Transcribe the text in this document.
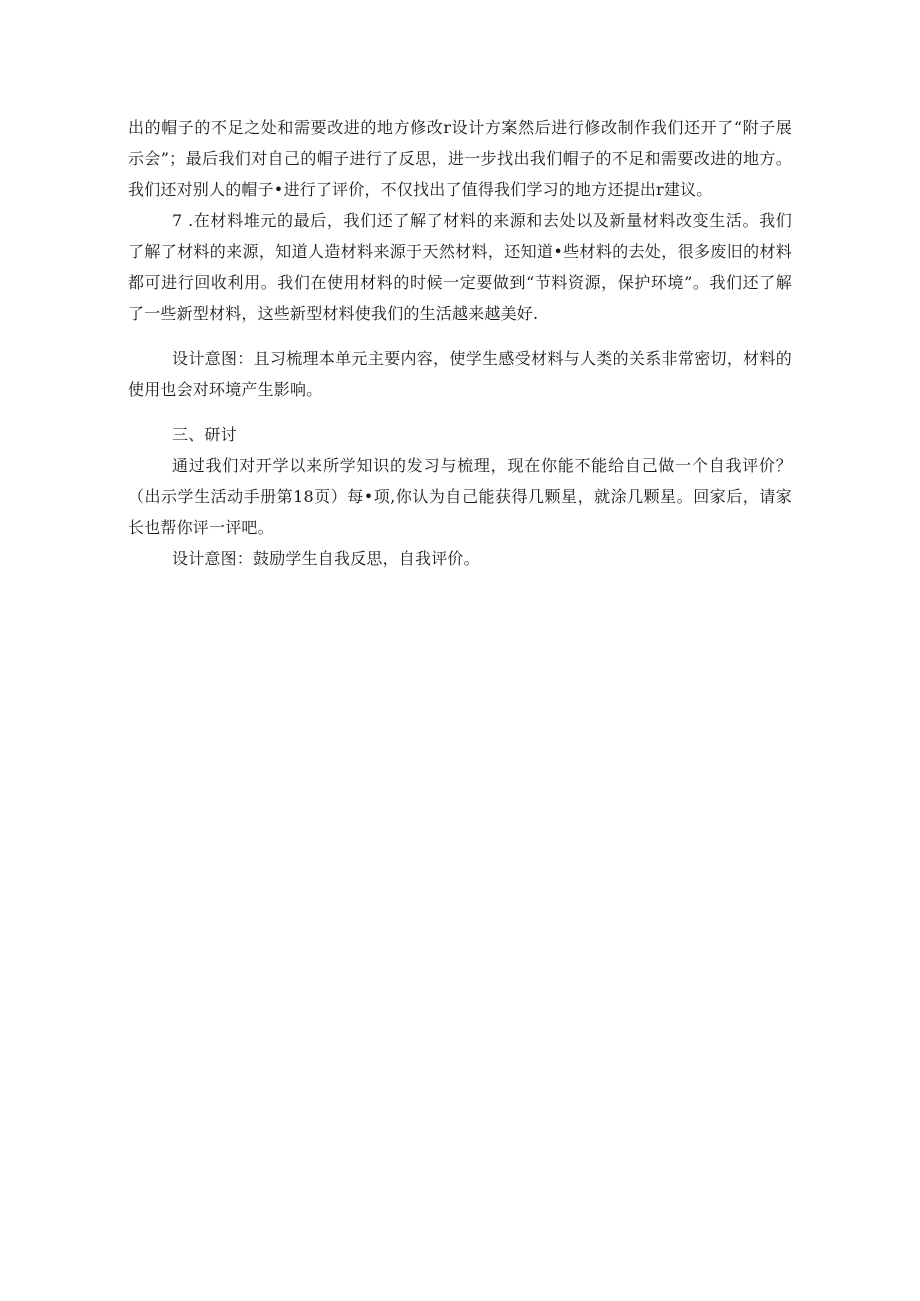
出的帽子的不足之处和需要改进的地方修改r设计方案然后进行修改制作我们还开了“附子展示会”；最后我们对自己的帽子进行了反思，进一步找出我们帽子的不足和需要改进的地方。我们还对别人的帽子•进行了评价，不仅找出了值得我们学习的地方还提出r建议。

7 .在材料堆元的最后，我们还了解了材料的来源和去处以及新量材料改变生活。我们了解了材料的来源，知道人造材料来源于天然材料，还知道•些材料的去处，很多废旧的材料都可进行回收利用。我们在使用材料的时候一定要做到“节料资源，保护环境”。我们还了解了一些新型材料，这些新型材料使我们的生活越来越美好.

设计意图：且习梳理本单元主要内容，使学生感受材料与人类的关系非常密切，材料的使用也会对环境产生影响。

三、研讨

通过我们对开学以来所学知识的发习与梳理，现在你能不能给自己做一个自我评价？（出示学生活动手册第18页）每•项,你认为自己能获得几颗星，就涂几颗星。回家后，请家长也帮你评一评吧。

设计意图：鼓励学生自我反思，自我评价。
